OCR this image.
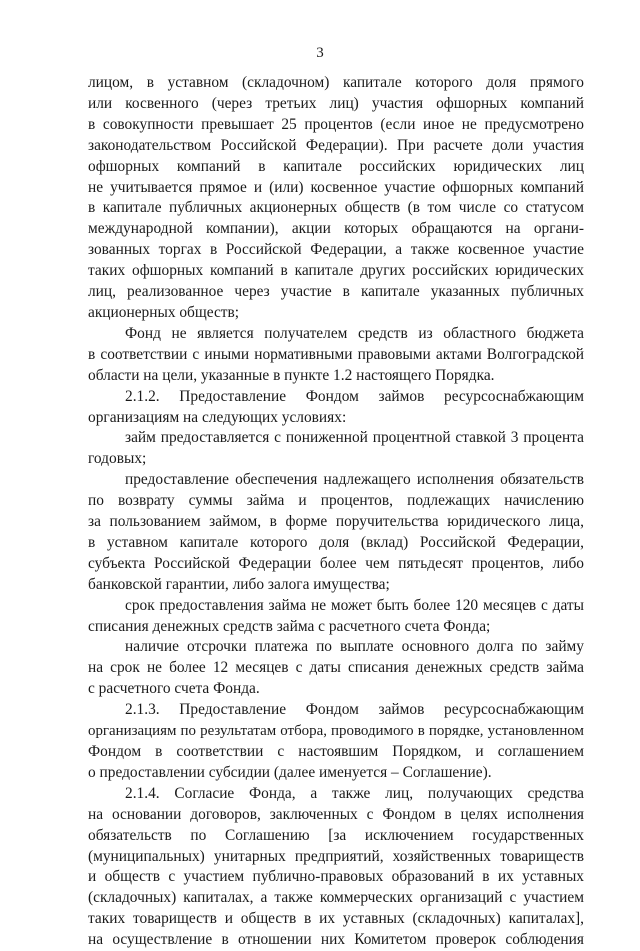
3
лицом, в уставном (складочном) капитале которого доля прямого
или косвенного (через третьих лиц) участия офшорных компаний
в совокупности превышает 25 процентов (если иное не предусмотрено
законодательством Российской Федерации). При расчете доли участия
офшорных компаний в капитале российских юридических лиц
не учитывается прямое и (или) косвенное участие офшорных компаний
в капитале публичных акционерных обществ (в том числе со статусом
международной компании), акции которых обращаются на органи-
зованных торгах в Российской Федерации, а также косвенное участие
таких офшорных компаний в капитале других российских юридических
лиц, реализованное через участие в капитале указанных публичных
акционерных обществ;
Фонд не является получателем средств из областного бюджета
в соответствии с иными нормативными правовыми актами Волгоградской
области на цели, указанные в пункте 1.2 настоящего Порядка.
2.1.2. Предоставление Фондом займов ресурсоснабжающим
организациям на следующих условиях:
займ предоставляется с пониженной процентной ставкой 3 процента
годовых;
предоставление обеспечения надлежащего исполнения обязательств
по возврату суммы займа и процентов, подлежащих начислению
за пользованием займом, в форме поручительства юридического лица,
в уставном капитале которого доля (вклад) Российской Федерации,
субъекта Российской Федерации более чем пятьдесят процентов, либо
банковской гарантии, либо залога имущества;
срок предоставления займа не может быть более 120 месяцев с даты
списания денежных средств займа с расчетного счета Фонда;
наличие отсрочки платежа по выплате основного долга по займу
на срок не более 12 месяцев с даты списания денежных средств займа
с расчетного счета Фонда.
2.1.3. Предоставление Фондом займов ресурсоснабжающим
организациям по результатам отбора, проводимого в порядке, установленном
Фондом в соответствии с настоявшим Порядком, и соглашением
о предоставлении субсидии (далее именуется – Соглашение).
2.1.4. Согласие Фонда, а также лиц, получающих средства
на основании договоров, заключенных с Фондом в целях исполнения
обязательств по Соглашению [за исключением государственных
(муниципальных) унитарных предприятий, хозяйственных товариществ
и обществ с участием публично-правовых образований в их уставных
(складочных) капиталах, а также коммерческих организаций с участием
таких товариществ и обществ в их уставных (складочных) капиталах],
на осуществление в отношении них Комитетом проверок соблюдения
